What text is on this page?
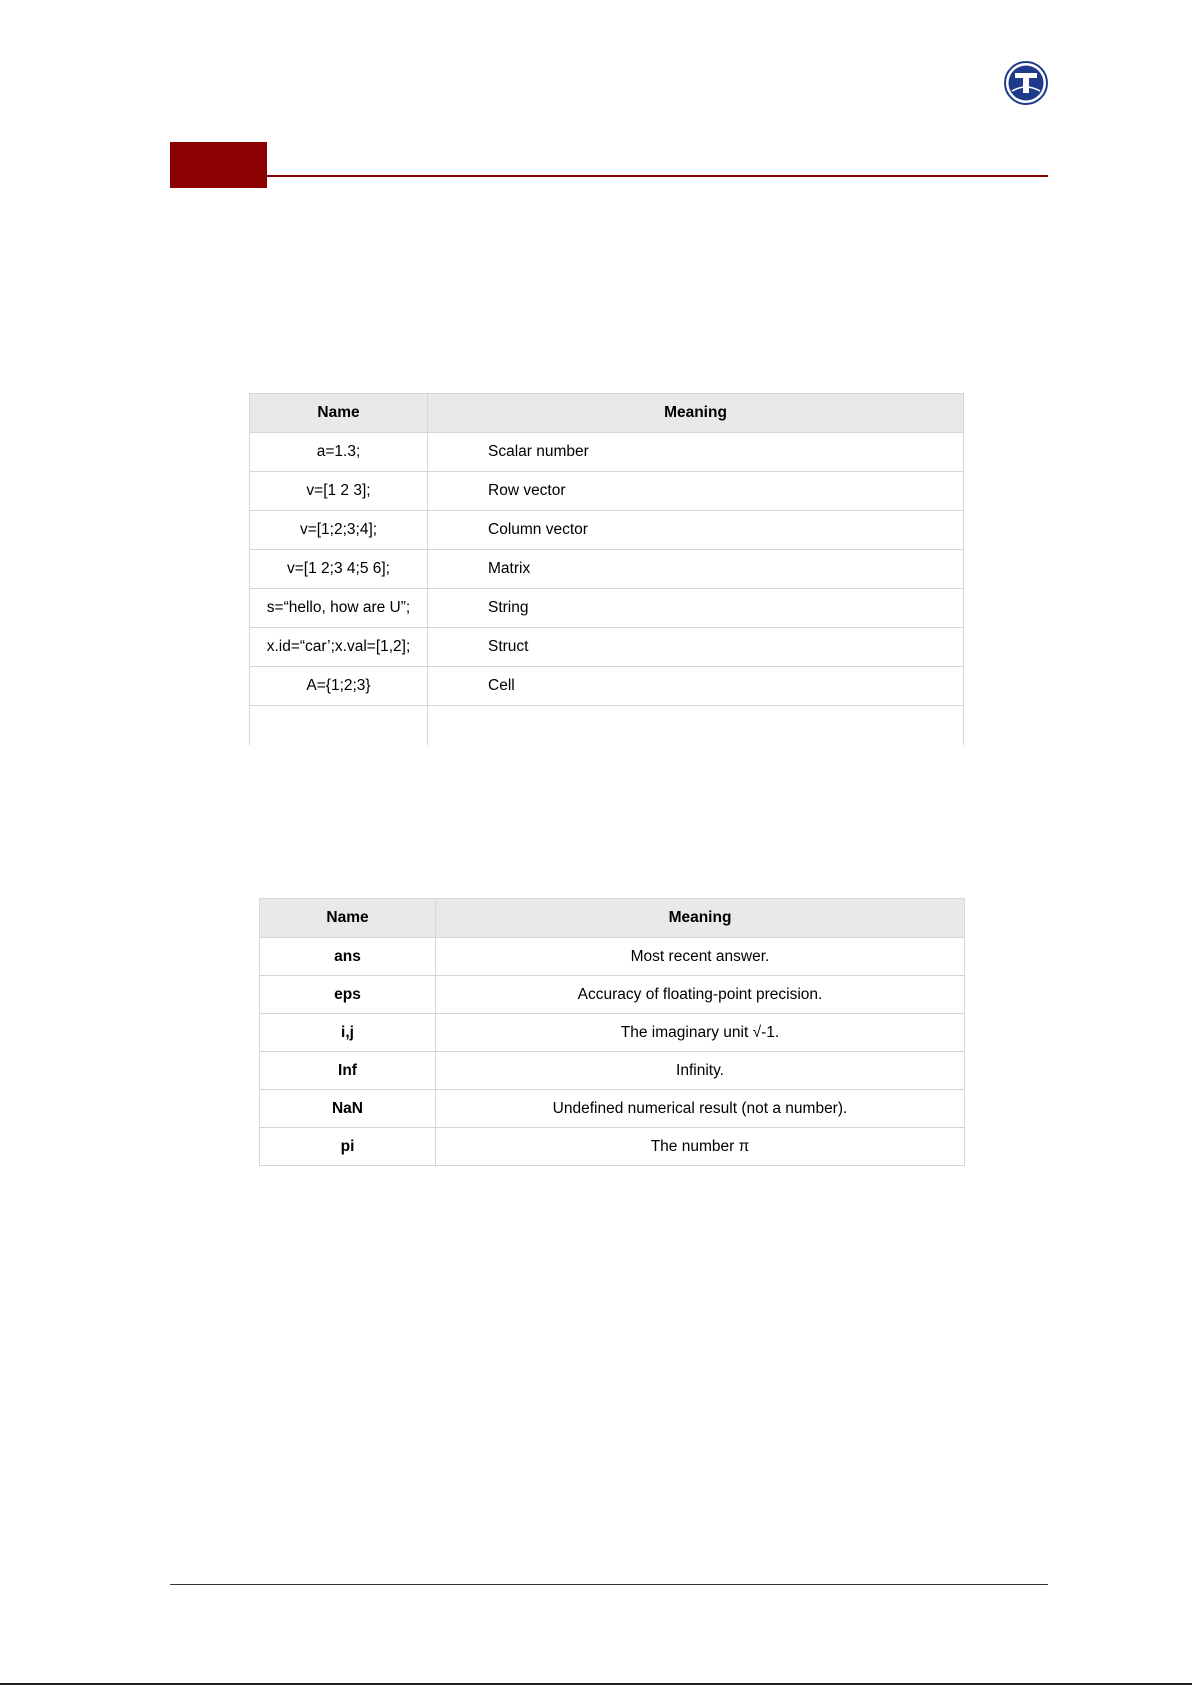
Name	Meaning
a=1.3;	Scalar number
v=[1 2 3];	Row vector
v=[1;2;3;4];	Column vector
v=[1 2;3 4;5 6];	Matrix
s=“hello, how are U”;	String
x.id=“car’;x.val=[1,2];	Struct
A={1;2;3}	Cell

Name	Meaning
ans	Most recent answer.
eps	Accuracy of floating-point precision.
i,j	The imaginary unit √-1.
Inf	Infinity.
NaN	Undefined numerical result (not a number).
pi	The number π
